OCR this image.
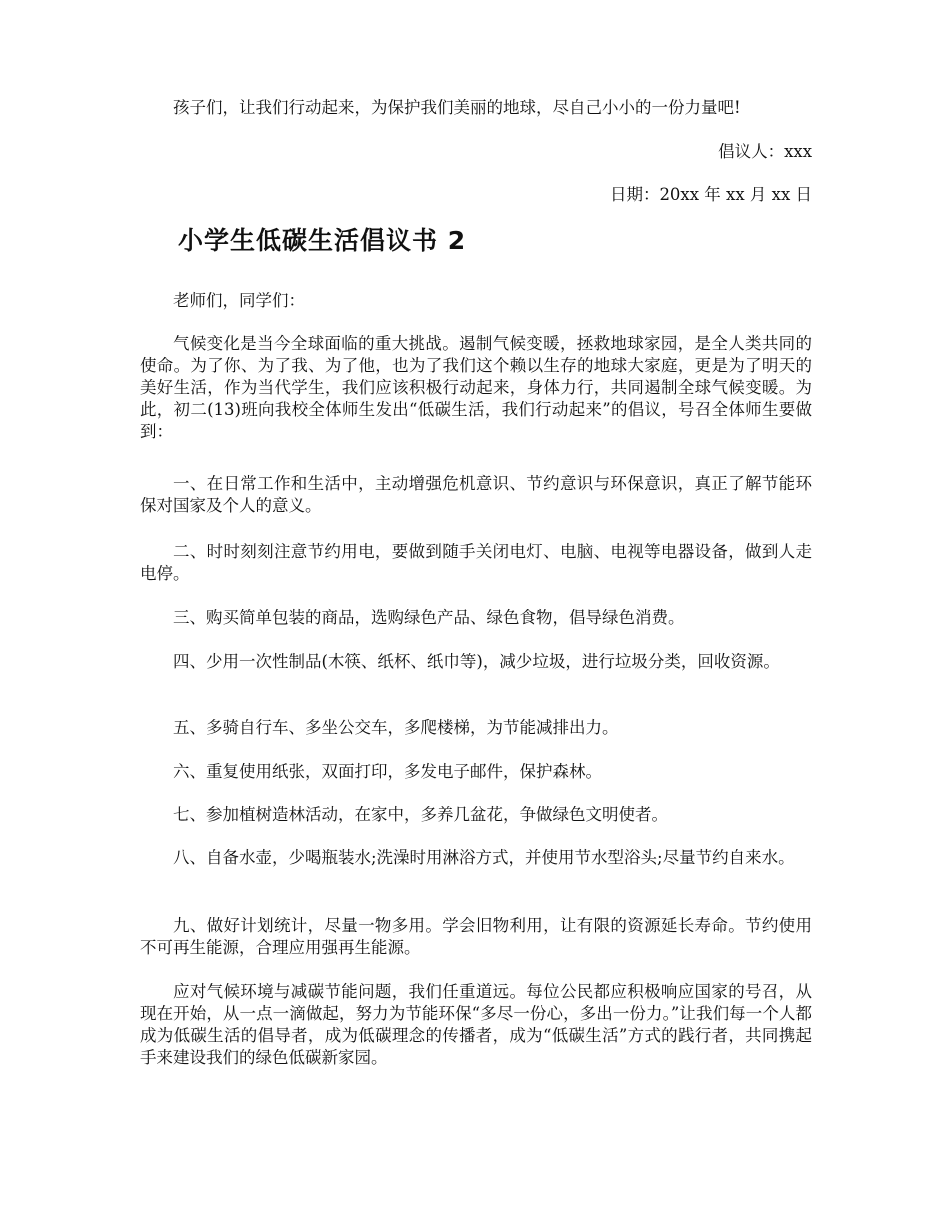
孩子们，让我们行动起来，为保护我们美丽的地球，尽自己小小的一份力量吧!

倡议人：xxx

日期：20xx 年 xx 月 xx 日

小学生低碳生活倡议书 2

老师们，同学们：

气候变化是当今全球面临的重大挑战。遏制气候变暖，拯救地球家园，是全人类共同的使命。为了你、为了我、为了他，也为了我们这个赖以生存的地球大家庭，更是为了明天的美好生活，作为当代学生，我们应该积极行动起来，身体力行，共同遏制全球气候变暖。为此，初二(13)班向我校全体师生发出“低碳生活，我们行动起来”的倡议，号召全体师生要做到：

一、在日常工作和生活中，主动增强危机意识、节约意识与环保意识，真正了解节能环保对国家及个人的意义。

二、时时刻刻注意节约用电，要做到随手关闭电灯、电脑、电视等电器设备，做到人走电停。

三、购买简单包装的商品，选购绿色产品、绿色食物，倡导绿色消费。

四、少用一次性制品(木筷、纸杯、纸巾等)，减少垃圾，进行垃圾分类，回收资源。

五、多骑自行车、多坐公交车，多爬楼梯，为节能减排出力。

六、重复使用纸张，双面打印，多发电子邮件，保护森林。

七、参加植树造林活动，在家中，多养几盆花，争做绿色文明使者。

八、自备水壶，少喝瓶装水;洗澡时用淋浴方式，并使用节水型浴头;尽量节约自来水。

九、做好计划统计，尽量一物多用。学会旧物利用，让有限的资源延长寿命。节约使用不可再生能源，合理应用强再生能源。

应对气候环境与减碳节能问题，我们任重道远。每位公民都应积极响应国家的号召，从现在开始，从一点一滴做起，努力为节能环保“多尽一份心，多出一份力。”让我们每一个人都成为低碳生活的倡导者，成为低碳理念的传播者，成为“低碳生活”方式的践行者，共同携起手来建设我们的绿色低碳新家园。
